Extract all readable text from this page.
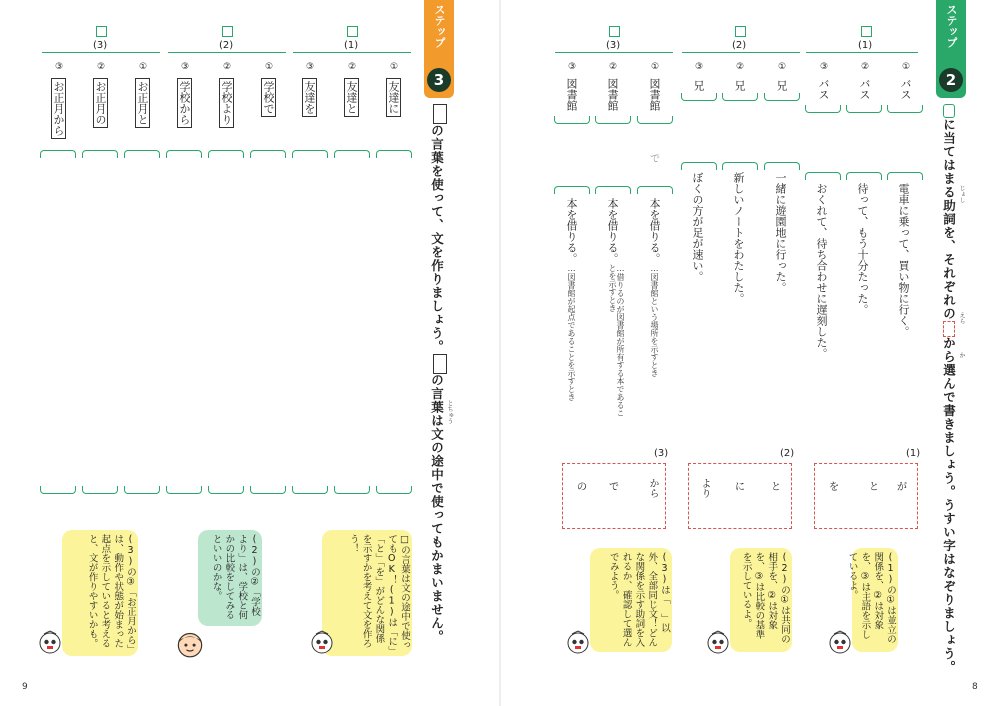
9	8
ステップ
2
に当てはまる助詞を、それぞれのから選んで書きましょう。うすい字はなぞりましょう。
じょし
えら
か
(1)
①
②
③
バス
バス
バス
電車に乗って、買い物に行く。
待って、もう十分たった。
おくれて、待ち合わせに遅刻した。
(2)
①
②
③
兄
兄
兄
一緒に遊園地に行った。
新しいノートをわたした。
ぼくの方が足が速い。
(3)
①
②
③
図書館
図書館
図書館
で
本を借りる。
本を借りる。
本を借りる。
…図書館という場所を示すとき
…借りるのが図書館が所有する本であることを示すとき
…図書館が起点であることを示すとき
(1)
が
と
を
(2)
と
に
より
(3)
から
で
の
(1)の①は並立の関係を、②は対象を、③は主語を示しているよ。
(2)の①は共同の相手を、②は対象を、③は比較の基準を示しているよ。
(3)は「　」以外、全部同じ文！どんな関係を示す助詞を入れるか、確認して選んでみよう。
ステップ
3
の言葉を使って、文を作りましょう。の言葉は文の途中で使ってもかまいません。 とちゅう
(1)
①
②
③
友達に
友達と
友達を
(2)
①
②
③
学校で
学校より
学校から
(3)
①
②
③
お正月と
お正月の
お正月から
□の言葉は文の途中で使ってもOK！(1)は「に」「と」「を」がどんな関係を示すかを考えて文を作ろう！
(2)の②「学校より」は、学校と何かの比較をしてみるといいのかな。
(3)の③「お正月から」は、動作や状態が始まった起点を示していると考えると、文が作りやすいかも。
